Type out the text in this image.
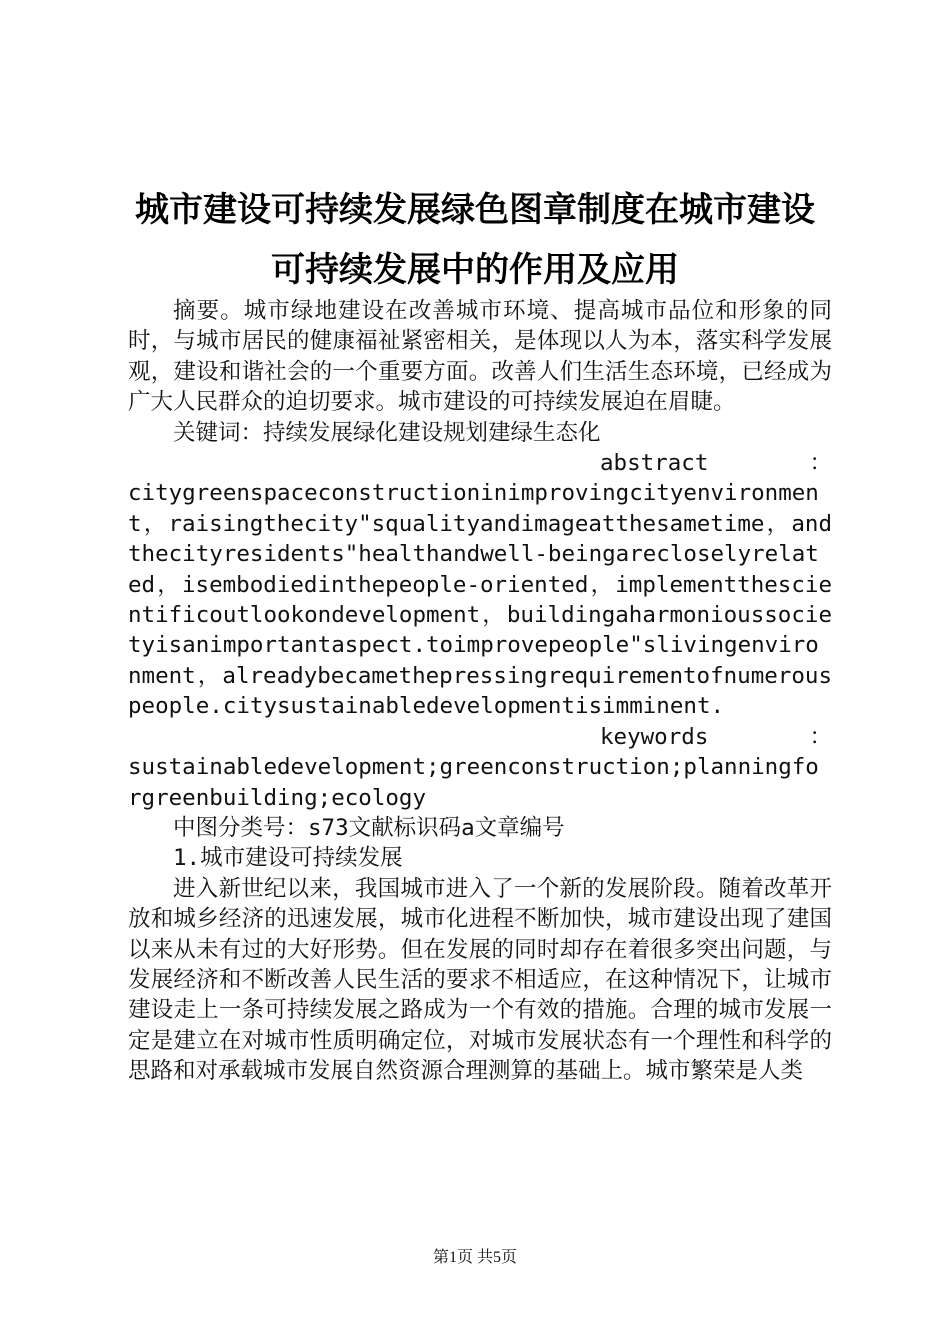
城市建设可持续发展绿色图章制度在城市建设
可持续发展中的作用及应用

摘要。城市绿地建设在改善城市环境、提高城市品位和形象的同时，与城市居民的健康福祉紧密相关，是体现以人为本，落实科学发展观，建设和谐社会的一个重要方面。改善人们生活生态环境，已经成为广大人民群众的迫切要求。城市建设的可持续发展迫在眉睫。

关键词：持续发展绿化建设规划建绿生态化

abstract	：

citygreenspaceconstructioninimprovingcityenvironment，raisingthecity"squalityandimageatthesametime，andthecityresidents"healthandwell-beingarecloselyrelated，isembodiedinthepeople-oriented，implementthescientificoutlookondevelopment，buildingaharmonioussocietyisanimportantaspect.toimprovepeople"slivingenvironment，alreadybecamethepressingrequirementofnumerouspeople.citysustainabledevelopmentisimminent.

keywords	：

sustainabledevelopment;greenconstruction;planningforgreenbuilding;ecology

中图分类号：s73文献标识码a文章编号

1.城市建设可持续发展

进入新世纪以来，我国城市进入了一个新的发展阶段。随着改革开放和城乡经济的迅速发展，城市化进程不断加快，城市建设出现了建国以来从未有过的大好形势。但在发展的同时却存在着很多突出问题，与发展经济和不断改善人民生活的要求不相适应，在这种情况下，让城市建设走上一条可持续发展之路成为一个有效的措施。合理的城市发展一定是建立在对城市性质明确定位，对城市发展状态有一个理性和科学的思路和对承载城市发展自然资源合理测算的基础上。城市繁荣是人类

第1页 共5页
